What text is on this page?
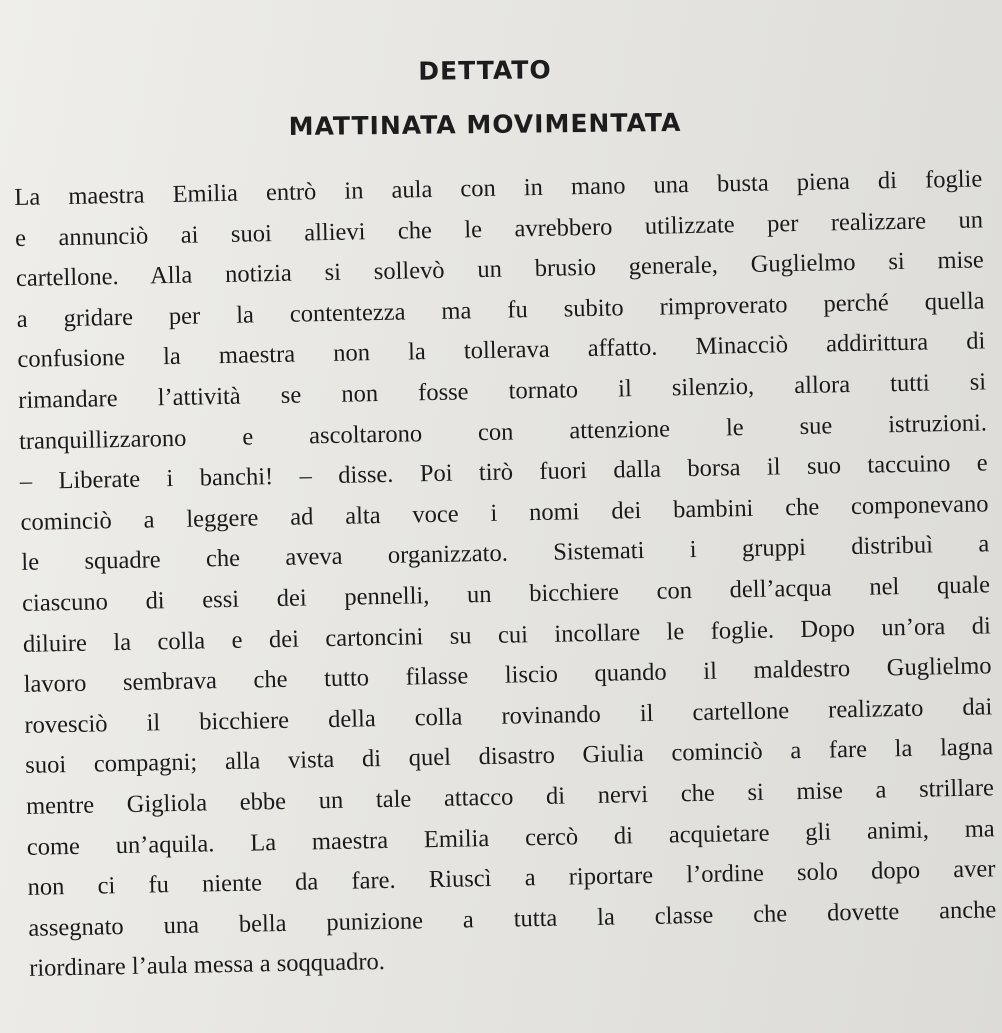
DETTATO
MATTINATA MOVIMENTATA
La maestra Emilia entrò in aula con in mano una busta piena di foglie
e annunciò ai suoi allievi che le avrebbero utilizzate per realizzare un
cartellone. Alla notizia si sollevò un brusio generale, Guglielmo si mise
a gridare per la contentezza ma fu subito rimproverato perché quella
confusione la maestra non la tollerava affatto. Minacciò addirittura di
rimandare l’attività se non fosse tornato il silenzio, allora tutti si
tranquillizzarono e ascoltarono con attenzione le sue istruzioni.
– Liberate i banchi! – disse. Poi tirò fuori dalla borsa il suo taccuino e
cominciò a leggere ad alta voce i nomi dei bambini che componevano
le squadre che aveva organizzato. Sistemati i gruppi distribuì a
ciascuno di essi dei pennelli, un bicchiere con dell’acqua nel quale
diluire la colla e dei cartoncini su cui incollare le foglie. Dopo un’ora di
lavoro sembrava che tutto filasse liscio quando il maldestro Guglielmo
rovesciò il bicchiere della colla rovinando il cartellone realizzato dai
suoi compagni; alla vista di quel disastro Giulia cominciò a fare la lagna
mentre Gigliola ebbe un tale attacco di nervi che si mise a strillare
come un’aquila. La maestra Emilia cercò di acquietare gli animi, ma
non ci fu niente da fare. Riuscì a riportare l’ordine solo dopo aver
assegnato una bella punizione a tutta la classe che dovette anche
riordinare l’aula messa a soqquadro.
